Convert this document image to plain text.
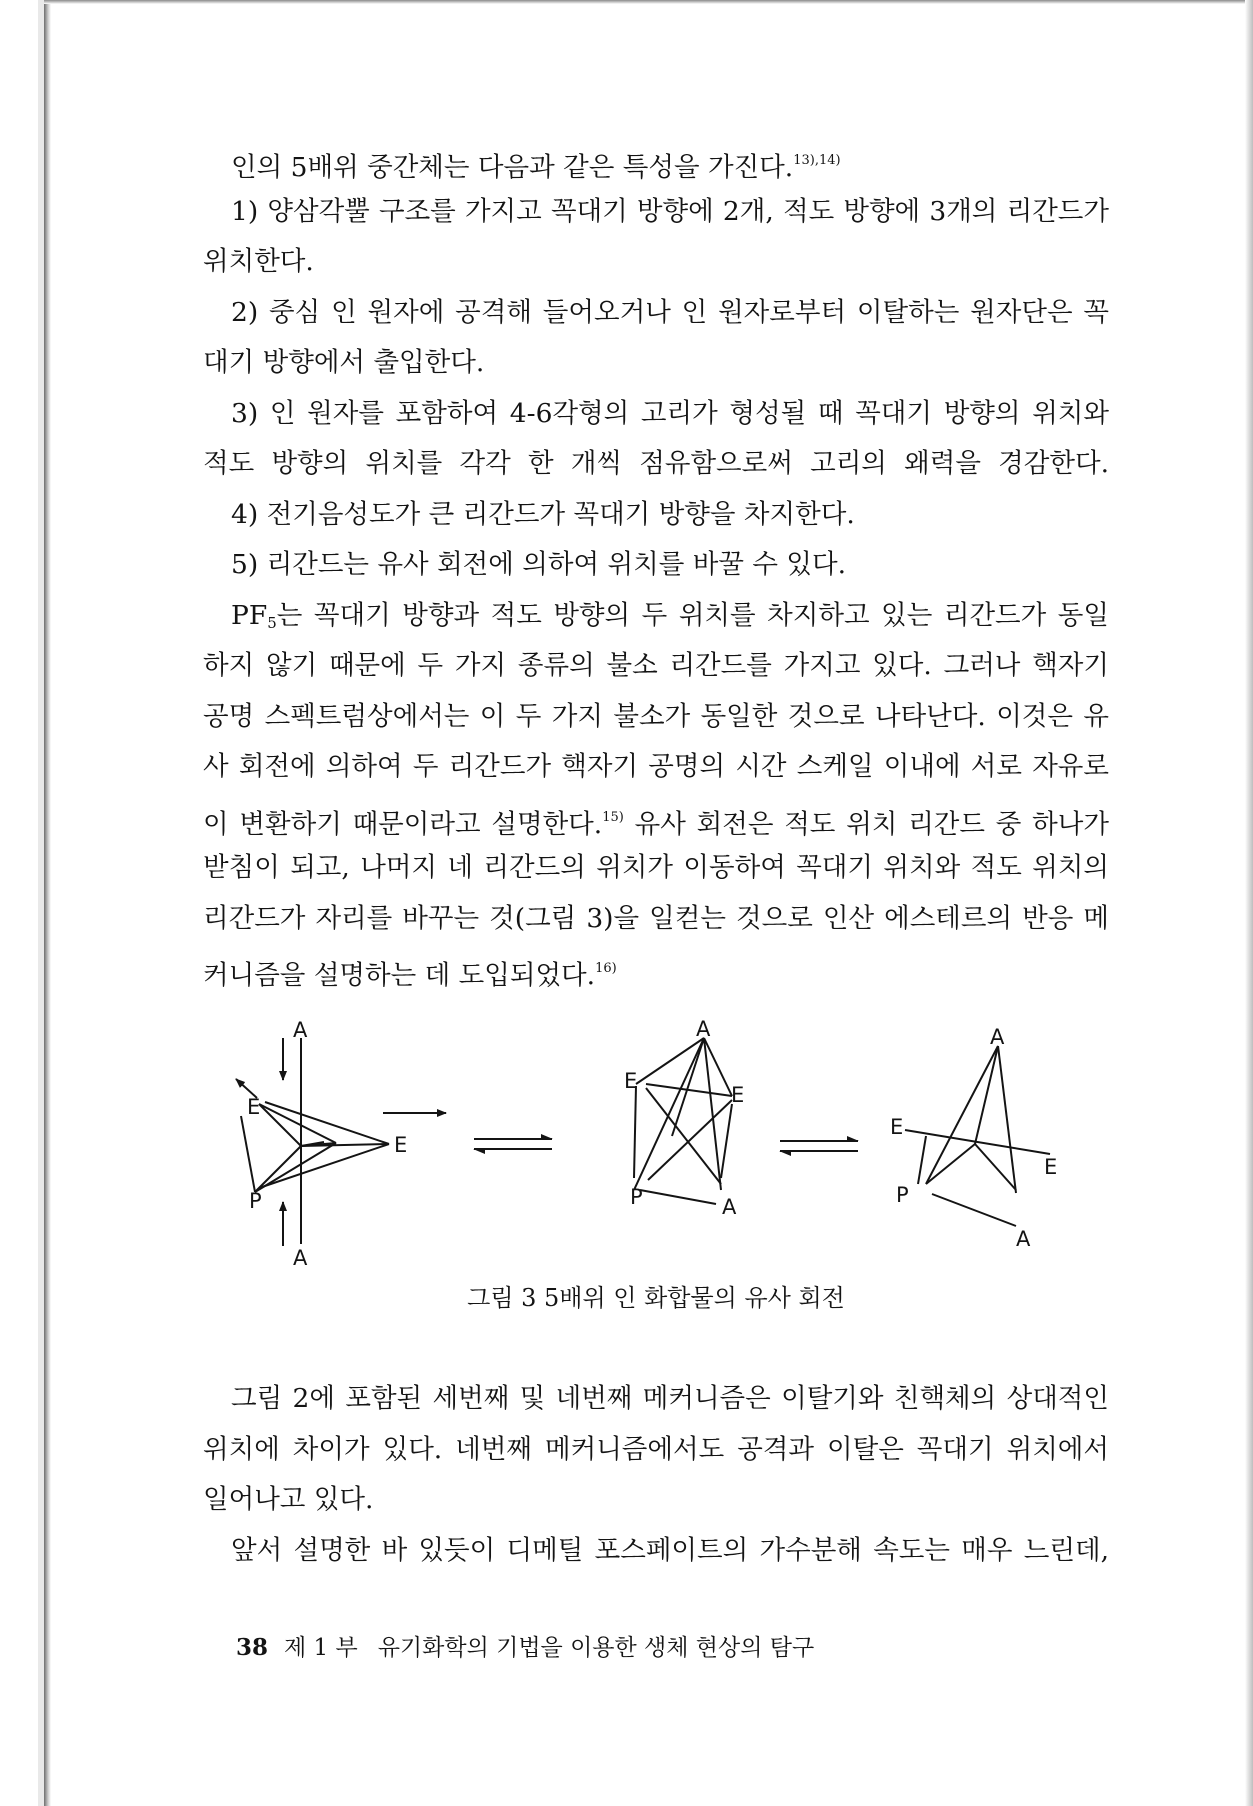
인의 5배위 중간체는 다음과 같은 특성을 가진다.$^{13),14)}$

1) 양삼각뿔 구조를 가지고 꼭대기 방향에 2개, 적도 방향에 3개의 리간드가

위치한다.

2) 중심 인 원자에 공격해 들어오거나 인 원자로부터 이탈하는 원자단은 꼭

대기 방향에서 출입한다.

3) 인 원자를 포함하여 4-6각형의 고리가 형성될 때 꼭대기 방향의 위치와

적도 방향의 위치를 각각 한 개씩 점유함으로써 고리의 왜력을 경감한다.

4) 전기음성도가 큰 리간드가 꼭대기 방향을 차지한다.

5) 리간드는 유사 회전에 의하여 위치를 바꿀 수 있다.

$PF_5$는 꼭대기 방향과 적도 방향의 두 위치를 차지하고 있는 리간드가 동일

하지 않기 때문에 두 가지 종류의 불소 리간드를 가지고 있다. 그러나 핵자기

공명 스펙트럼상에서는 이 두 가지 불소가 동일한 것으로 나타난다. 이것은 유

사 회전에 의하여 두 리간드가 핵자기 공명의 시간 스케일 이내에 서로 자유로

이 변환하기 때문이라고 설명한다.$^{15)}$ 유사 회전은 적도 위치 리간드 중 하나가

받침이 되고, 나머지 네 리간드의 위치가 이동하여 꼭대기 위치와 적도 위치의

리간드가 자리를 바꾸는 것(그림 3)을 일컫는 것으로 인산 에스테르의 반응 메

커니즘을 설명하는 데 도입되었다.$^{16)}$

A
E
E
P
A
A
E
E
P	A
A
E
E
P
A
그림 3 5배위 인 화합물의 유사 회전

그림 2에 포함된 세번째 및 네번째 메커니즘은 이탈기와 친핵체의 상대적인

위치에 차이가 있다. 네번째 메커니즘에서도 공격과 이탈은 꼭대기 위치에서

일어나고 있다.

앞서 설명한 바 있듯이 디메틸 포스페이트의 가수분해 속도는 매우 느린데,

38 제 1 부 유기화학의 기법을 이용한 생체 현상의 탐구
